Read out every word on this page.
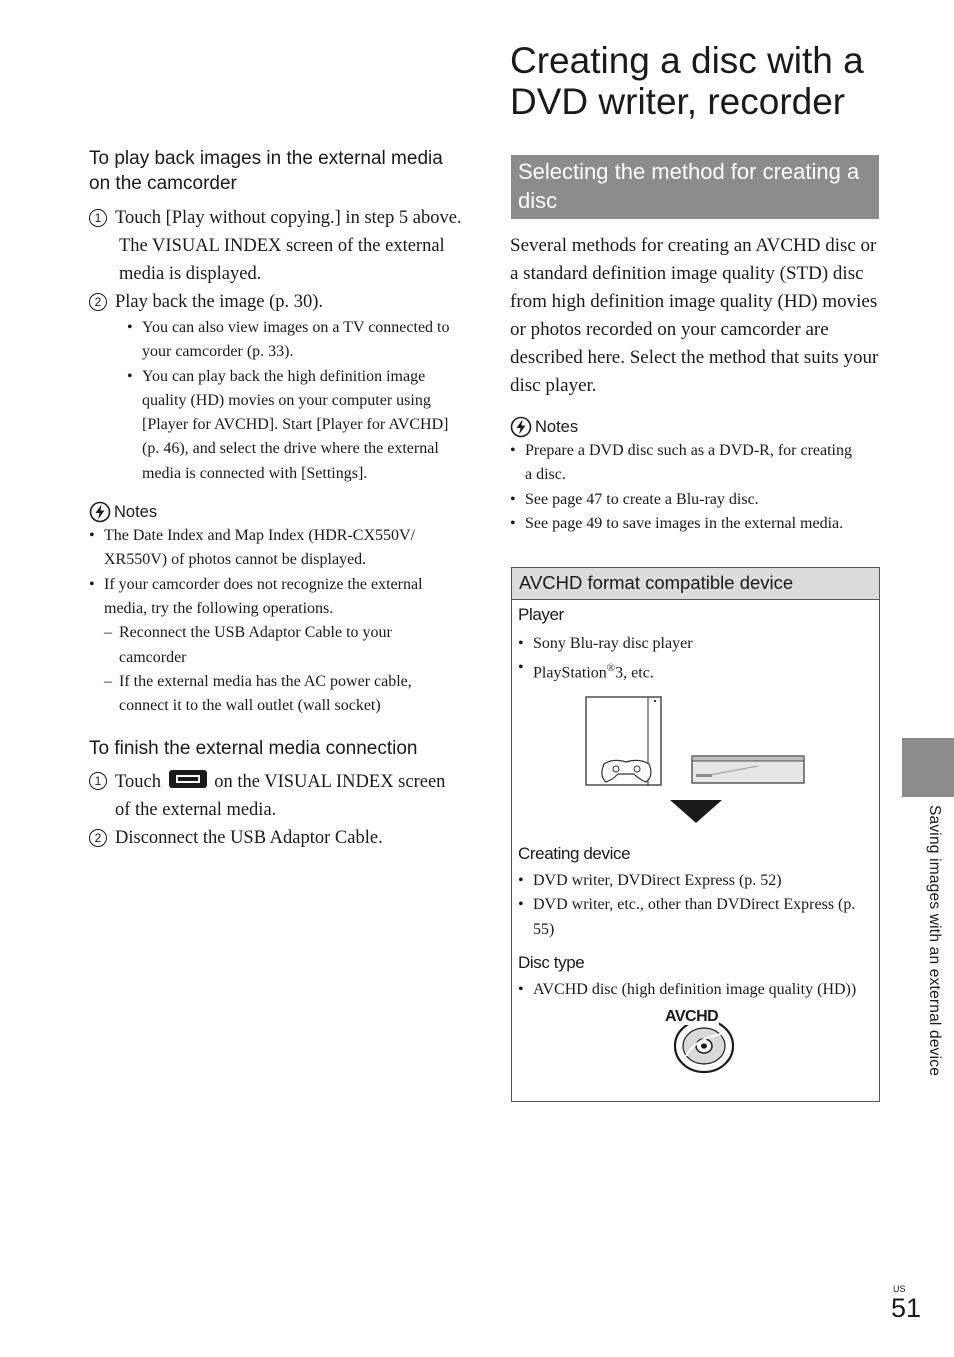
Creating a disc with a DVD writer, recorder
To play back images in the external media on the camcorder

1 Touch [Play without copying.] in step 5 above.

The VISUAL INDEX screen of the external media is displayed.

2 Play back the image (p. 30).

• You can also view images on a TV connected to your camcorder (p. 33).

• You can play back the high definition image quality (HD) movies on your computer using [Player for AVCHD]. Start [Player for AVCHD] (p. 46), and select the drive where the external media is connected with [Settings].

Notes

• The Date Index and Map Index (HDR-CX550V/ XR550V) of photos cannot be displayed.

• If your camcorder does not recognize the external media, try the following operations.

– Reconnect the USB Adaptor Cable to your camcorder

– If the external media has the AC power cable, connect it to the wall outlet (wall socket)

To finish the external media connection

1 Touch	on the VISUAL INDEX screen of the external media.

2 Disconnect the USB Adaptor Cable.

Selecting the method for creating a disc

Several methods for creating an AVCHD disc or a standard definition image quality (STD) disc from high definition image quality (HD) movies or photos recorded on your camcorder are described here. Select the method that suits your disc player.

Notes

• Prepare a DVD disc such as a DVD-R, for creating a disc.

• See page 47 to create a Blu-ray disc.

• See page 49 to save images in the external media.

AVCHD format compatible device

Player

• Sony Blu-ray disc player

• PlayStation®3, etc.

Creating device

• DVD writer, DVDirect Express (p. 52)

• DVD writer, etc., other than DVDirect Express (p. 55)

Disc type

• AVCHD disc (high definition image quality (HD))

AVCHD	Saving images with an external device
US
51
